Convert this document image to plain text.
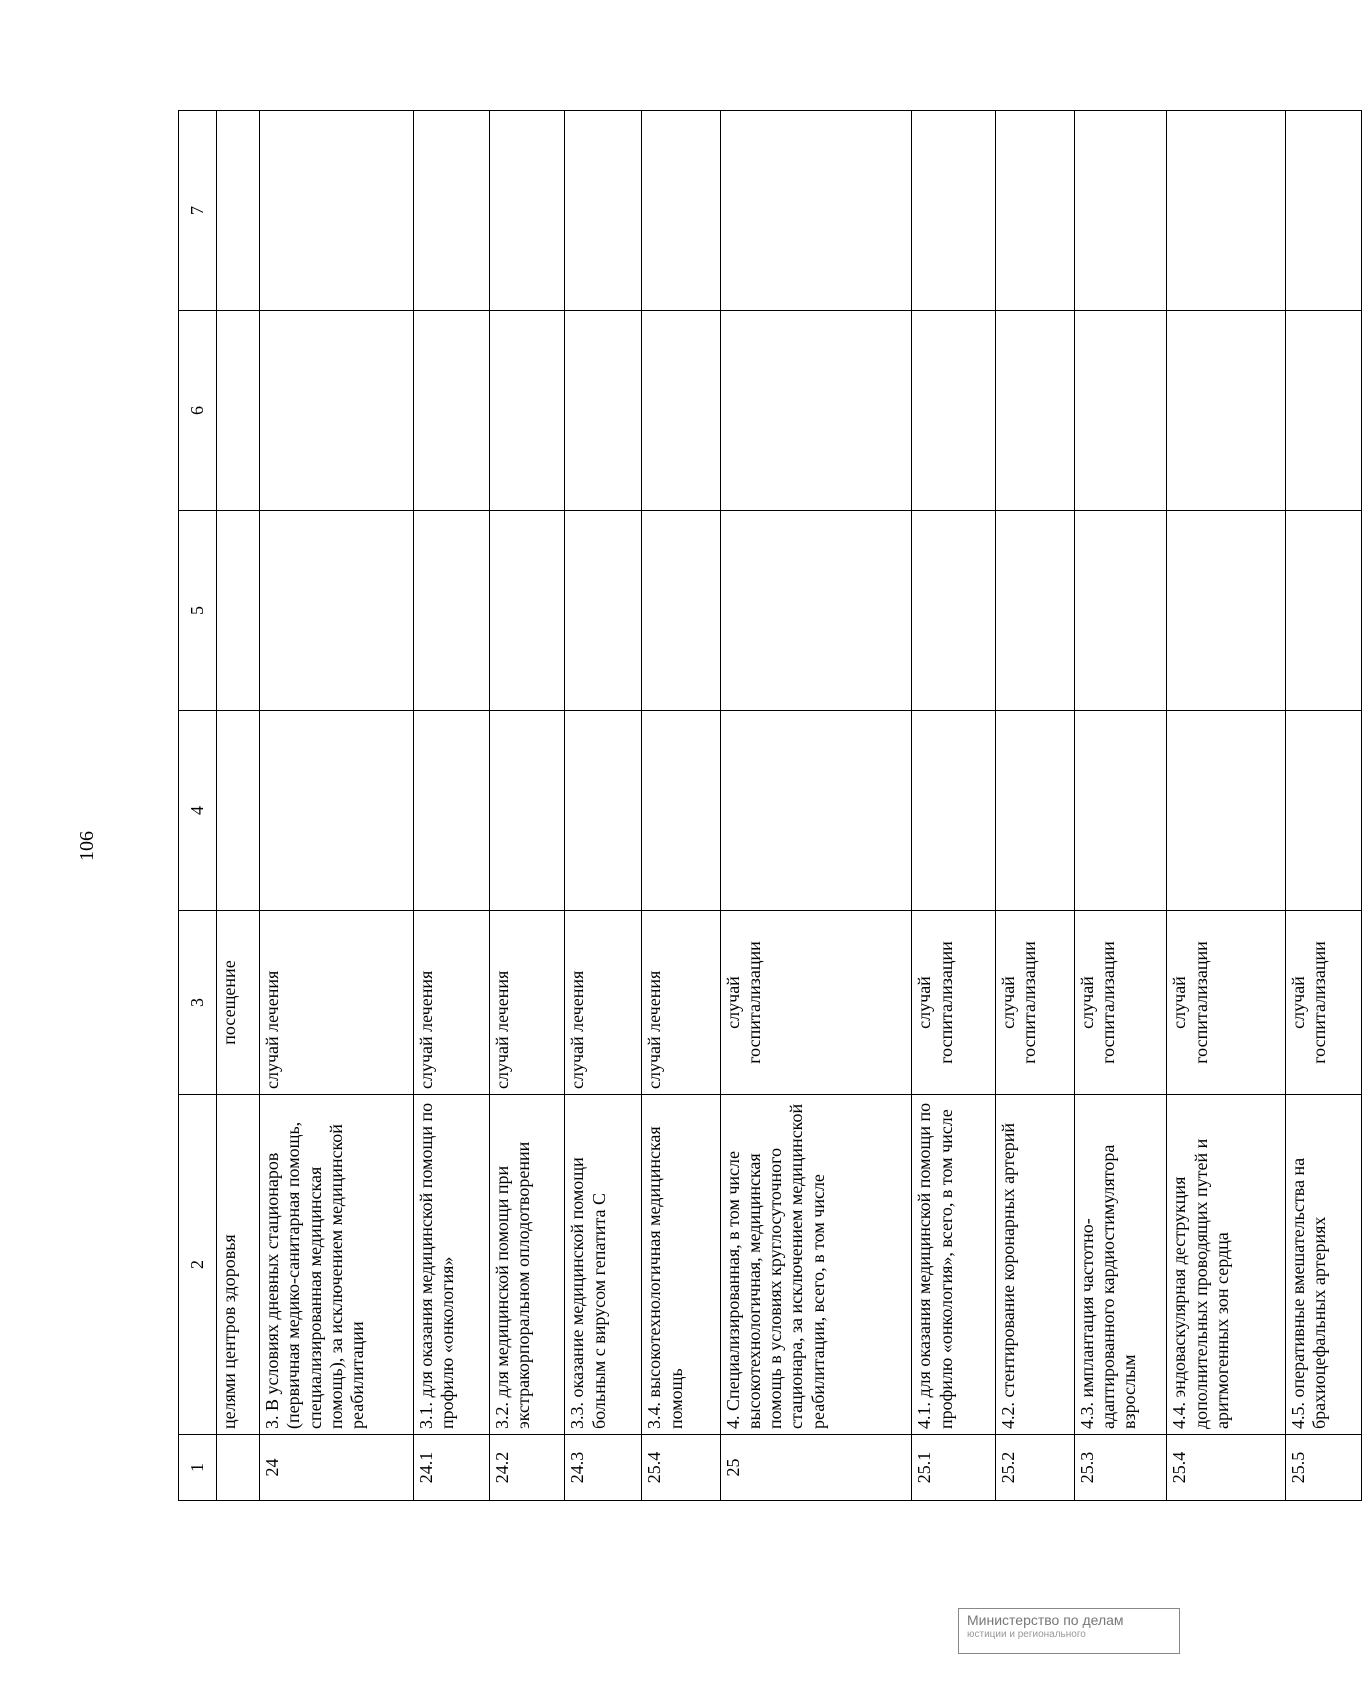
106
1	2	3	4	5	6	7
	целями центров здоровья	посещение				
24	3. В условиях дневных стационаров (первичная медико-санитарная помощь, специализированная медицинская помощь), за исключением медицинской реабилитации	случай лечения				
24.1	3.1. для оказания медицинской помощи по профилю «онкология»	случай лечения				
24.2	3.2. для медицинской помощи при экстракорпоральном оплодотворении	случай лечения				
24.3	3.3. оказание медицинской помощи больным с вирусом гепатита С	случай лечения				
25.4	3.4. высокотехнологичная медицинская помощь	случай лечения				
25	4. Специализированная, в том числе высокотехнологичная, медицинская помощь в условиях круглосуточного стационара, за исключением медицинской реабилитации, всего, в том числе	случай госпитализации				
25.1	4.1. для оказания медицинской помощи по профилю «онкология», всего, в том числе	случай госпитализации				
25.2	4.2. стентирование коронарных артерий	случай госпитализации				
25.3	4.3. имплантация частотно-адаптированного кардиостимулятора взрослым	случай госпитализации				
25.4	4.4. эндоваскулярная деструкция дополнительных проводящих путей и аритмогенных зон сердца	случай госпитализации				
25.5	4.5. оперативные вмешательства на брахиоцефальных артериях	случай госпитализации				
Министерство по делам
юстиции и регионального
